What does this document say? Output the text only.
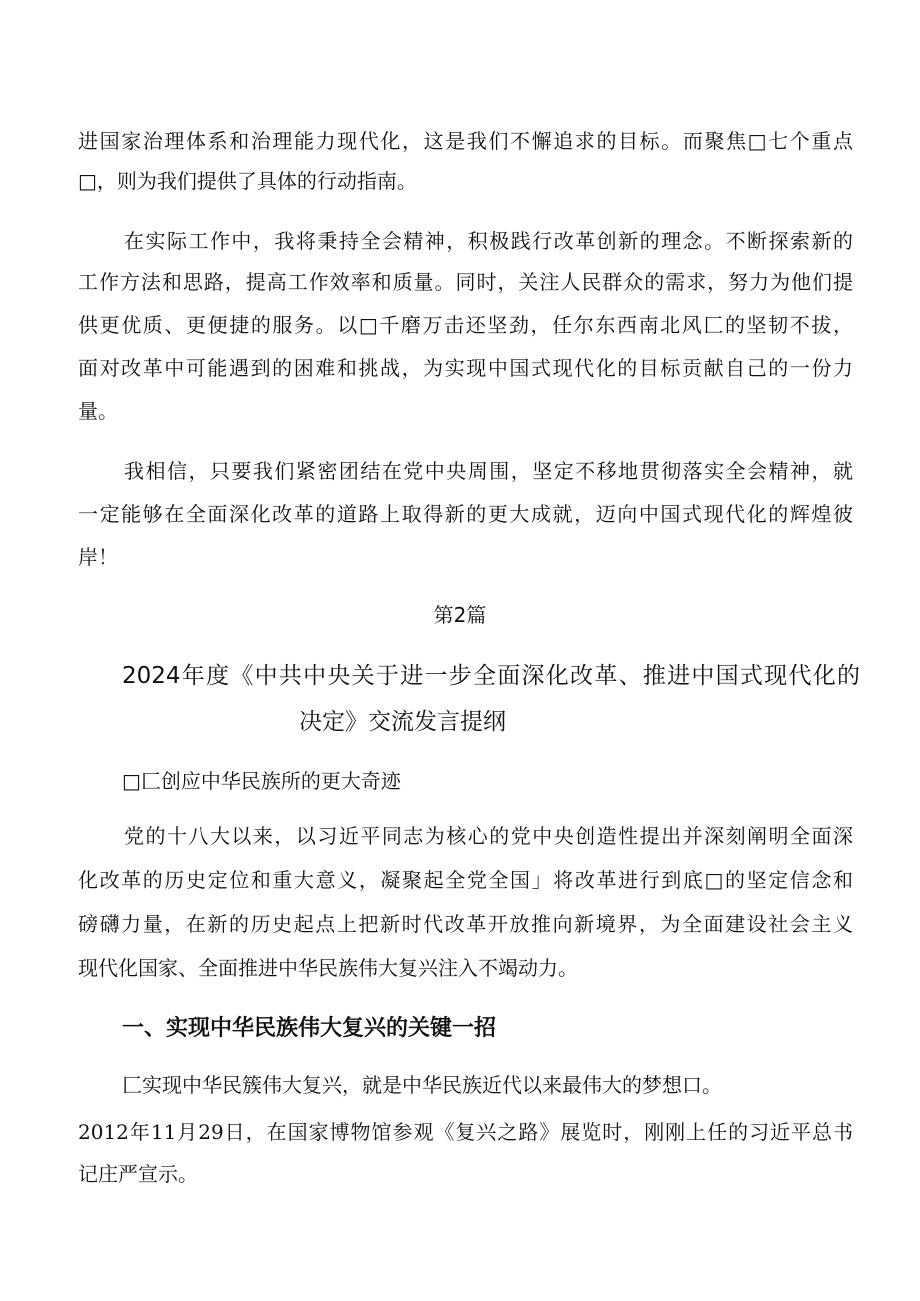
进国家治理体系和治理能力现代化，这是我们不懈追求的目标。而聚焦□七个重点
□，则为我们提供了具体的行动指南。
在实际工作中，我将秉持全会精神，积极践行改革创新的理念。不断探索新的
工作方法和思路，提高工作效率和质量。同时，关注人民群众的需求，努力为他们提
供更优质、更便捷的服务。以□千磨万击还坚劲，任尔东西南北风匚的坚韧不拔，
面对改革中可能遇到的困难和挑战，为实现中国式现代化的目标贡献自己的一份力
量。
我相信，只要我们紧密团结在党中央周围，坚定不移地贯彻落实全会精神，就
一定能够在全面深化改革的道路上取得新的更大成就，迈向中国式现代化的辉煌彼
岸！
第2篇
2024年度《中共中央关于进一步全面深化改革、推进中国式现代化的
决定》交流发言提纲
□匚创应中华民族所的更大奇迹
党的十八大以来，以习近平同志为核心的党中央创造性提出并深刻阐明全面深
化改革的历史定位和重大意义，凝聚起全党全国」将改革进行到底□的坚定信念和
磅礴力量，在新的历史起点上把新时代改革开放推向新境界，为全面建设社会主义
现代化国家、全面推进中华民族伟大复兴注入不竭动力。
一、实现中华民族伟大复兴的关键一招
匚实现中华民簇伟大复兴，就是中华民族近代以来最伟大的梦想口。
2012年11月29日，在国家博物馆参观《复兴之路》展览时，刚刚上任的习近平总书
记庄严宣示。
